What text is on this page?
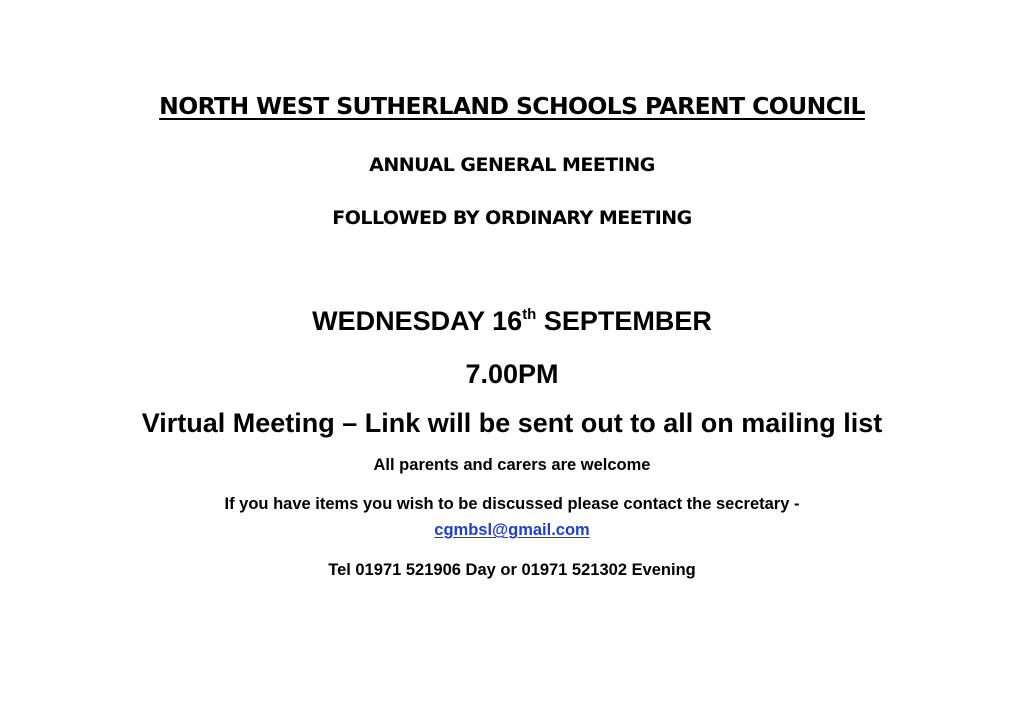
NORTH WEST SUTHERLAND SCHOOLS PARENT COUNCIL
ANNUAL GENERAL MEETING
FOLLOWED BY ORDINARY MEETING
WEDNESDAY 16th SEPTEMBER
7.00PM
Virtual Meeting – Link will be sent out to all on mailing list
All parents and carers are welcome
If you have items you wish to be discussed please contact the secretary -
cgmbsl@gmail.com
Tel 01971 521906 Day or 01971 521302 Evening
